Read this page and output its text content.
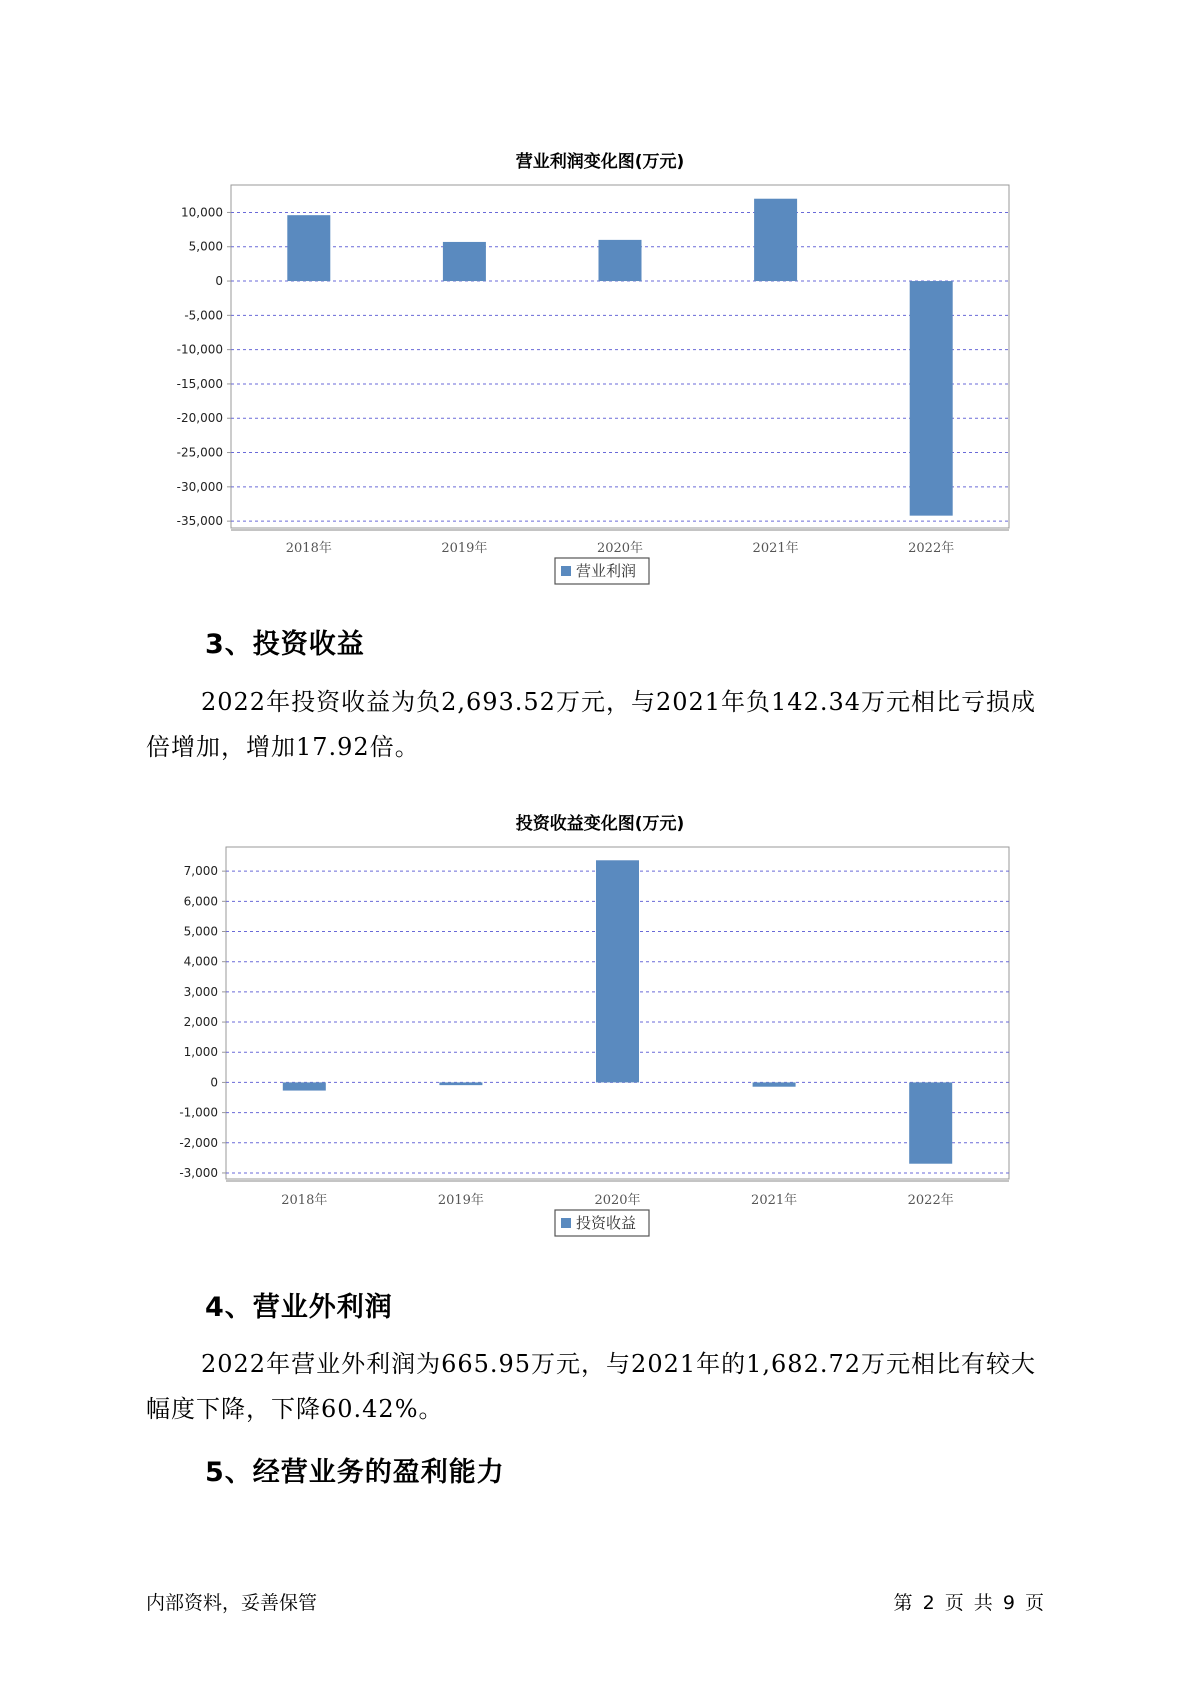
营业利润变化图(万元)
10,000
5,000
0
-5,000
-10,000
-15,000
-20,000
-25,000
-30,000
-35,000
2018年	2019年	2020年	2021年	2022年
营业利润
3、投资收益
2022年投资收益为负2,693.52万元，与2021年负142.34万元相比亏损成倍增加，增加17.92倍。
投资收益变化图(万元)
7,000
6,000
5,000
4,000
3,000
2,000
1,000
0
-1,000
-2,000
-3,000
2018年	2019年	2020年	2021年	2022年
投资收益
4、营业外利润
2022年营业外利润为665.95万元，与2021年的1,682.72万元相比有较大幅度下降，下降60.42%。
5、经营业务的盈利能力
内部资料，妥善保管	第 2 页 共 9 页
